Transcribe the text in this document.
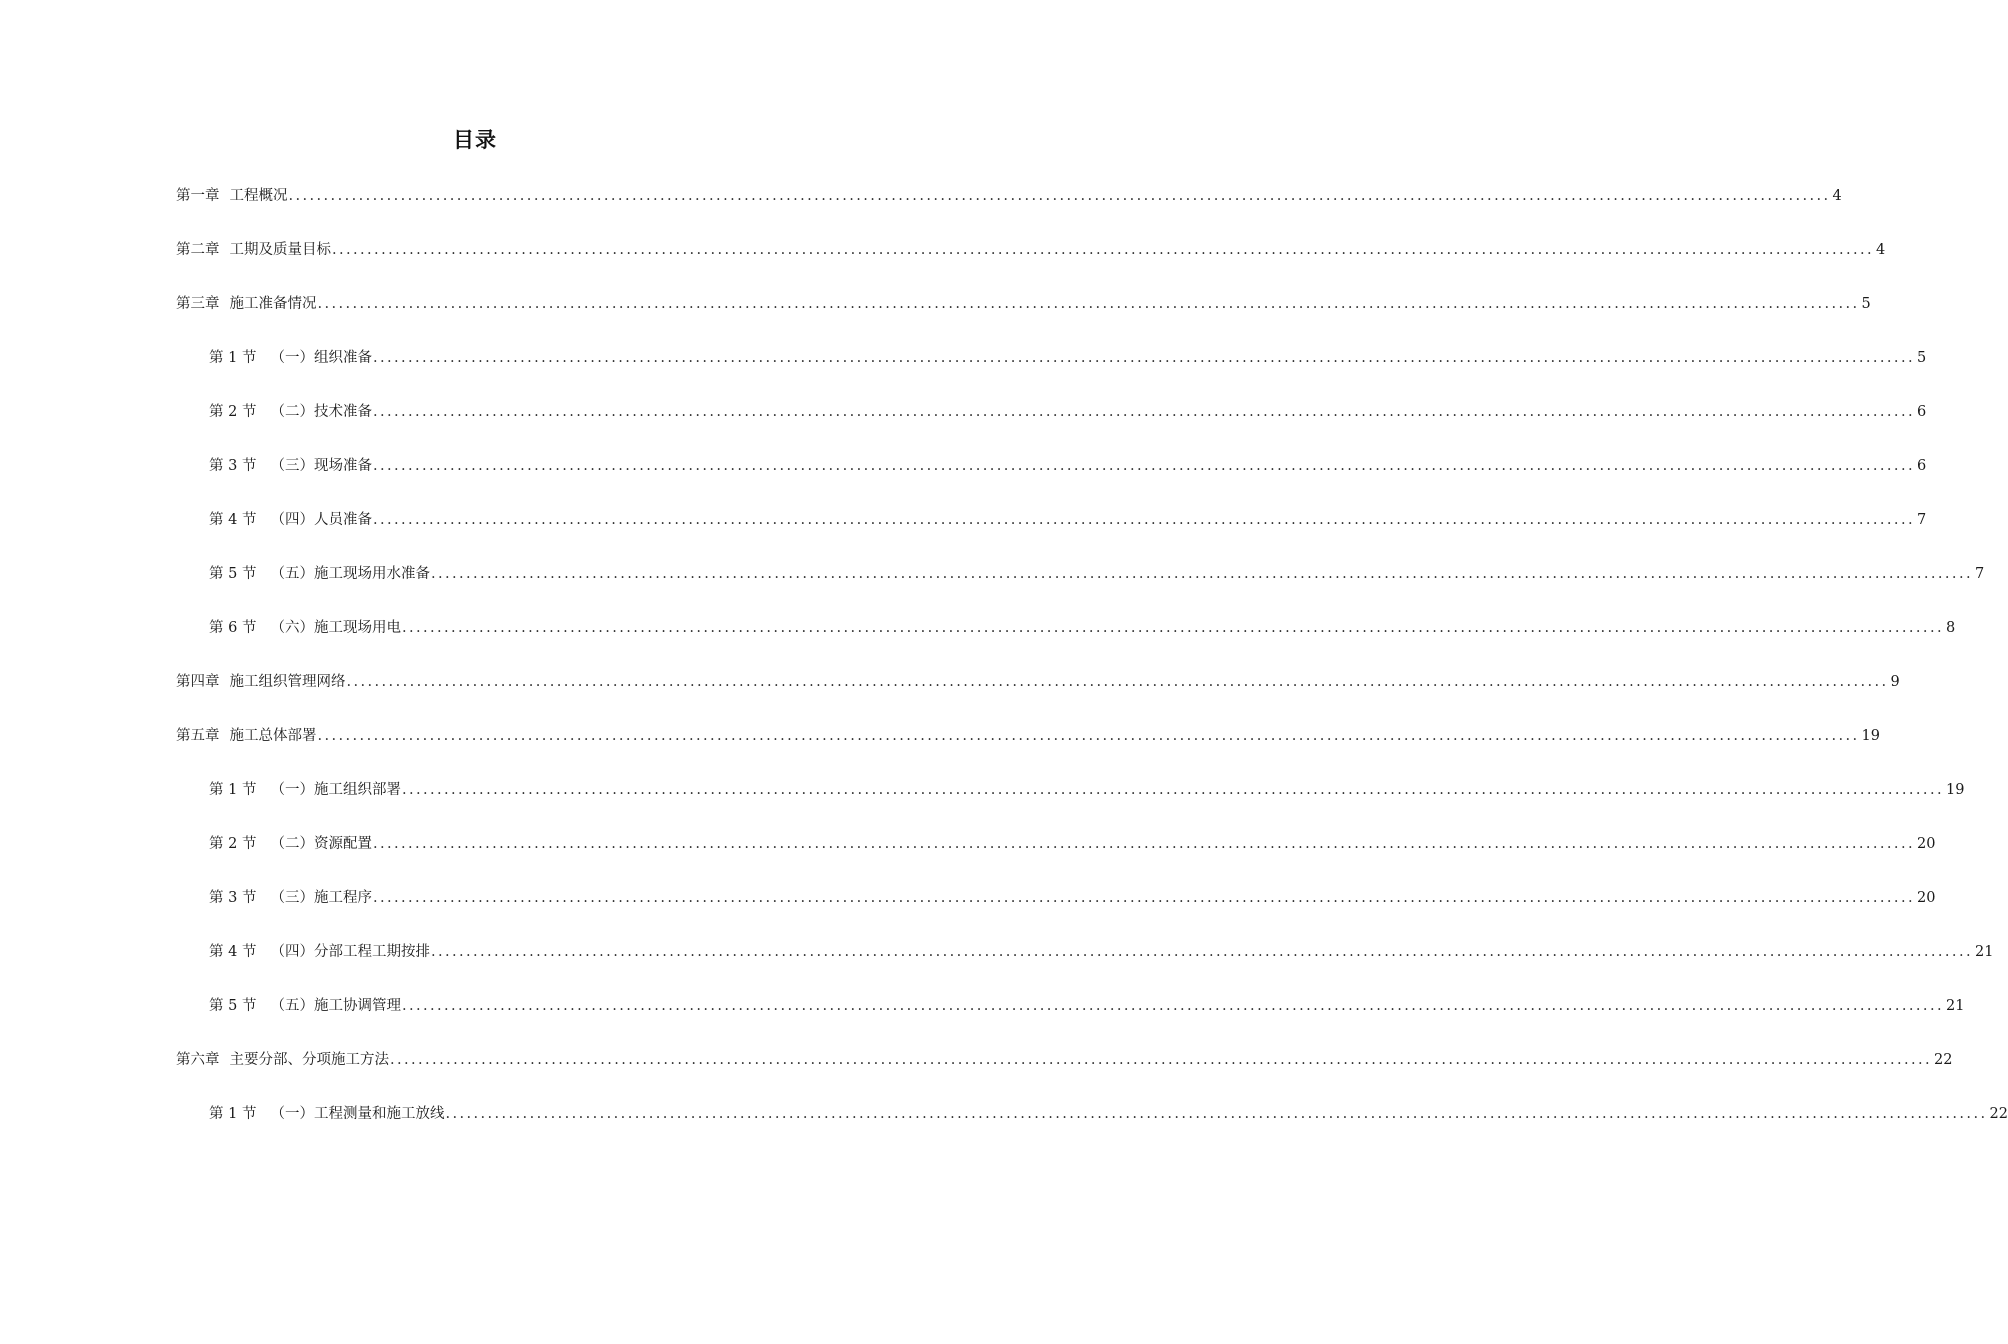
目录
第一章 工程概况 ............................................................................................................................................................................................................................ 4
第二章 工期及质量目标 ............................................................................................................................................................................................................................ 4
第三章 施工准备情况 ............................................................................................................................................................................................................................ 5
第 1 节 （一）组织准备 ............................................................................................................................................................................................................................ 5
第 2 节 （二）技术准备 ............................................................................................................................................................................................................................ 6
第 3 节 （三）现场准备 ............................................................................................................................................................................................................................ 6
第 4 节 （四）人员准备 ............................................................................................................................................................................................................................ 7
第 5 节 （五）施工现场用水准备 ............................................................................................................................................................................................................................ 7
第 6 节 （六）施工现场用电 ............................................................................................................................................................................................................................ 8
第四章 施工组织管理网络 ............................................................................................................................................................................................................................ 9
第五章 施工总体部署 ............................................................................................................................................................................................................................ 19
第 1 节 （一）施工组织部署 ............................................................................................................................................................................................................................ 19
第 2 节 （二）资源配置 ............................................................................................................................................................................................................................ 20
第 3 节 （三）施工程序 ............................................................................................................................................................................................................................ 20
第 4 节 （四）分部工程工期按排 ............................................................................................................................................................................................................................ 21
第 5 节 （五）施工协调管理 ............................................................................................................................................................................................................................ 21
第六章 主要分部、分项施工方法 ............................................................................................................................................................................................................................ 22
第 1 节 （一）工程测量和施工放线 ............................................................................................................................................................................................................................ 22
